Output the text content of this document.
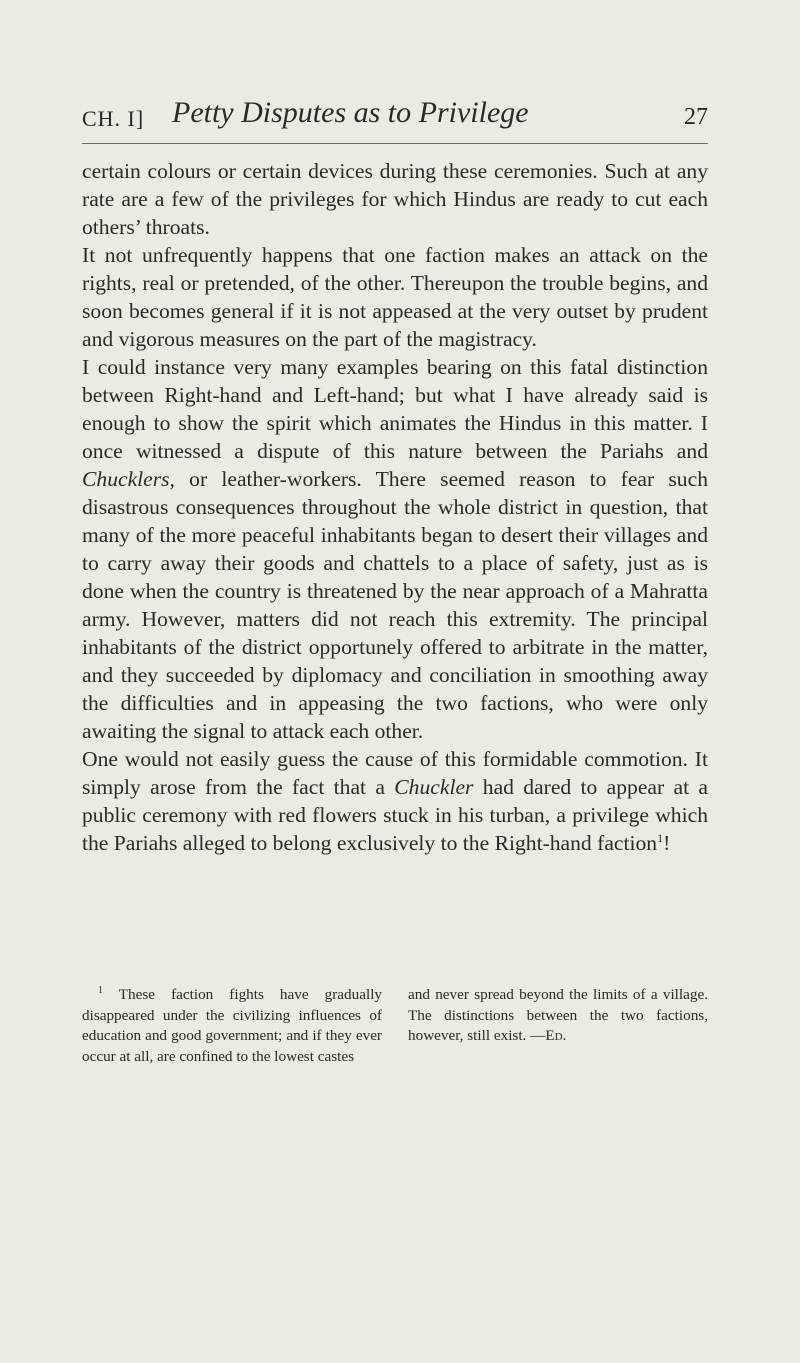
CH. I] Petty Disputes as to Privilege	27

certain colours or certain devices during these ceremonies. Such at any rate are a few of the privileges for which Hindus are ready to cut each others’ throats.

It not unfrequently happens that one faction makes an attack on the rights, real or pretended, of the other. Thereupon the trouble begins, and soon becomes general if it is not appeased at the very outset by prudent and vigorous measures on the part of the magistracy.

I could instance very many examples bearing on this fatal distinction between Right-hand and Left-hand; but what I have already said is enough to show the spirit which animates the Hindus in this matter. I once witnessed a dispute of this nature between the Pariahs and Chucklers, or leather-workers. There seemed reason to fear such disastrous consequences throughout the whole district in question, that many of the more peaceful inhabitants began to desert their villages and to carry away their goods and chattels to a place of safety, just as is done when the country is threatened by the near approach of a Mahratta army. However, matters did not reach this extremity. The principal inhabitants of the district opportunely offered to arbitrate in the matter, and they succeeded by diplomacy and conciliation in smoothing away the difficulties and in appeasing the two factions, who were only awaiting the signal to attack each other.

One would not easily guess the cause of this formidable commotion. It simply arose from the fact that a Chuckler had dared to appear at a public ceremony with red flowers stuck in his turban, a privilege which the Pariahs alleged to belong exclusively to the Right-hand faction$^1$!

$^1$ These faction fights have gradually disappeared under the civilizing influences of education and good government; and if they ever occur at all, are confined to the lowest castes
and never spread beyond the limits of a village. The distinctions between the two factions, however, still exist. —Ed.
